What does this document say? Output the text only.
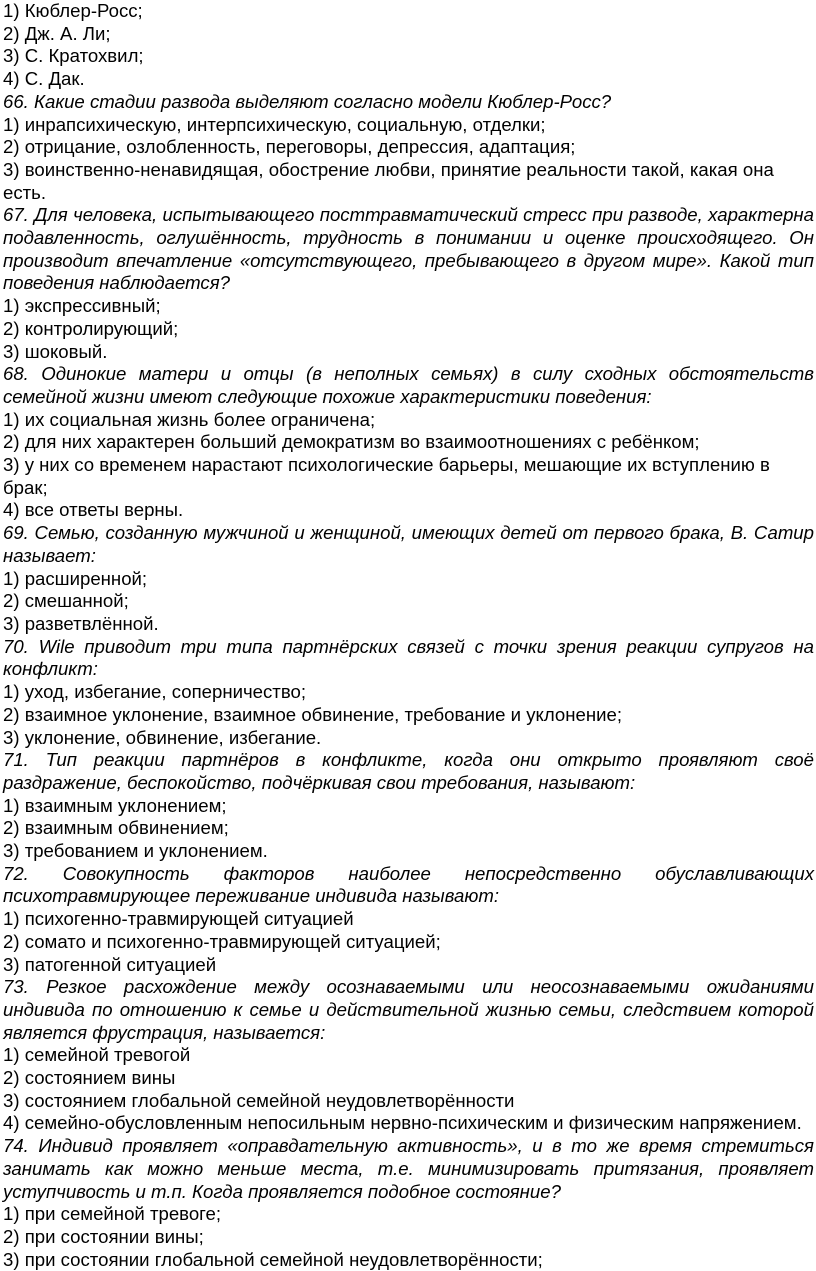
1) Кюблер-Росс;
2) Дж. А. Ли;
3) С. Кратохвил;
4) С. Дак.
66. Какие стадии развода выделяют согласно модели Кюблер-Росс?
1) инрапсихическую, интерпсихическую, социальную, отделки;
2) отрицание, озлобленность, переговоры, депрессия, адаптация;
3) воинственно-ненавидящая, обострение любви, принятие реальности такой, какая она есть.
67. Для человека, испытывающего посттравматический стресс при разводе, характерна подавленность, оглушённость, трудность в понимании и оценке происходящего. Он производит впечатление «отсутствующего, пребывающего в другом мире». Какой тип поведения наблюдается?
1) экспрессивный;
2) контролирующий;
3) шоковый.
68. Одинокие матери и отцы (в неполных семьях) в силу сходных обстоятельств семейной жизни имеют следующие похожие характеристики поведения:
1) их социальная жизнь более ограничена;
2) для них характерен больший демократизм во взаимоотношениях с ребёнком;
3) у них со временем нарастают психологические барьеры, мешающие их вступлению в брак;
4) все ответы верны.
69. Семью, созданную мужчиной и женщиной, имеющих детей от первого брака, В. Сатир называет:
1) расширенной;
2) смешанной;
3) разветвлённой.
70. Wile приводит три типа партнёрских связей с точки зрения реакции супругов на конфликт:
1) уход, избегание, соперничество;
2) взаимное уклонение, взаимное обвинение, требование и уклонение;
3) уклонение, обвинение, избегание.
71. Тип реакции партнёров в конфликте, когда они открыто проявляют своё раздражение, беспокойство, подчёркивая свои требования, называют:
1) взаимным уклонением;
2) взаимным обвинением;
3) требованием и уклонением.
72. Совокупность факторов наиболее непосредственно обуславливающих психотравмирующее переживание индивида называют:
1) психогенно-травмирующей ситуацией
2) сомато и психогенно-травмирующей ситуацией;
3) патогенной ситуацией
73. Резкое расхождение между осознаваемыми или неосознаваемыми ожиданиями индивида по отношению к семье и действительной жизнью семьи, следствием которой является фрустрация, называется:
1) семейной тревогой
2) состоянием вины
3) состоянием глобальной семейной неудовлетворённости
4) семейно-обусловленным непосильным нервно-психическим и физическим напряжением.
74. Индивид проявляет «оправдательную активность», и в то же время стремиться занимать как можно меньше места, т.е. минимизировать притязания, проявляет уступчивость и т.п. Когда проявляется подобное состояние?
1) при семейной тревоге;
2) при состоянии вины;
3) при состоянии глобальной семейной неудовлетворённости;
